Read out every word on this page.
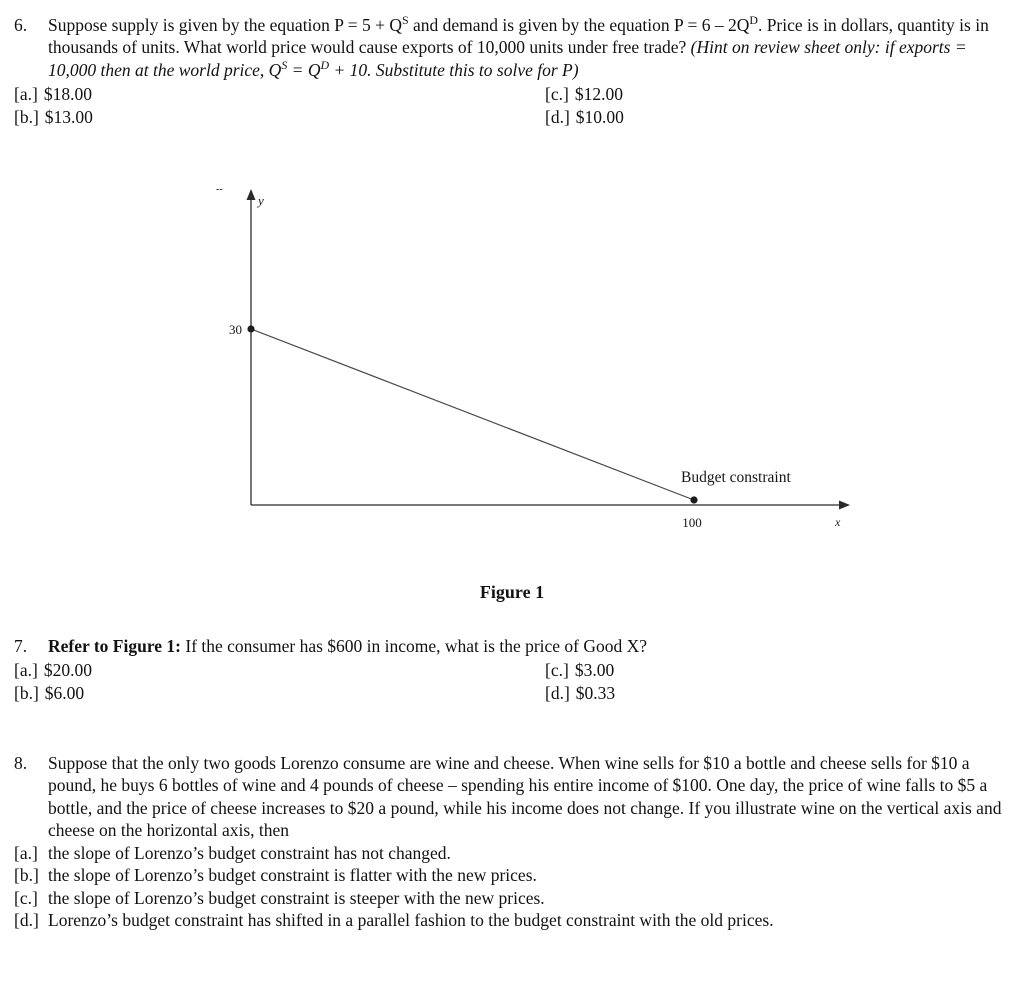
6.	Suppose supply is given by the equation $P = 5 + Q^S$ and demand is given by the equation $P = 6 - 2Q^D$. Price is in dollars, quantity is in thousands of units. What world price would cause exports of 10,000 units under free trade? (Hint on review sheet only: if exports = 10,000 then at the world price, $Q^S = Q^D + 10$. Substitute this to solve for P)
[a.] $18.00	[c.] $12.00
[b.] $13.00	[d.] $10.00
--
y
x
30
100
Budget constraint
Figure 1
7.	Refer to Figure 1: If the consumer has $600 in income, what is the price of Good X?
[a.] $20.00	[c.] $3.00
[b.] $6.00	[d.] $0.33
8.	Suppose that the only two goods Lorenzo consume are wine and cheese. When wine sells for $10 a bottle and cheese sells for $10 a pound, he buys 6 bottles of wine and 4 pounds of cheese – spending his entire income of $100. One day, the price of wine falls to $5 a bottle, and the price of cheese increases to $20 a pound, while his income does not change. If you illustrate wine on the vertical axis and cheese on the horizontal axis, then
[a.] the slope of Lorenzo’s budget constraint has not changed.
[b.] the slope of Lorenzo’s budget constraint is flatter with the new prices.
[c.] the slope of Lorenzo’s budget constraint is steeper with the new prices.
[d.] Lorenzo’s budget constraint has shifted in a parallel fashion to the budget constraint with the old prices.
